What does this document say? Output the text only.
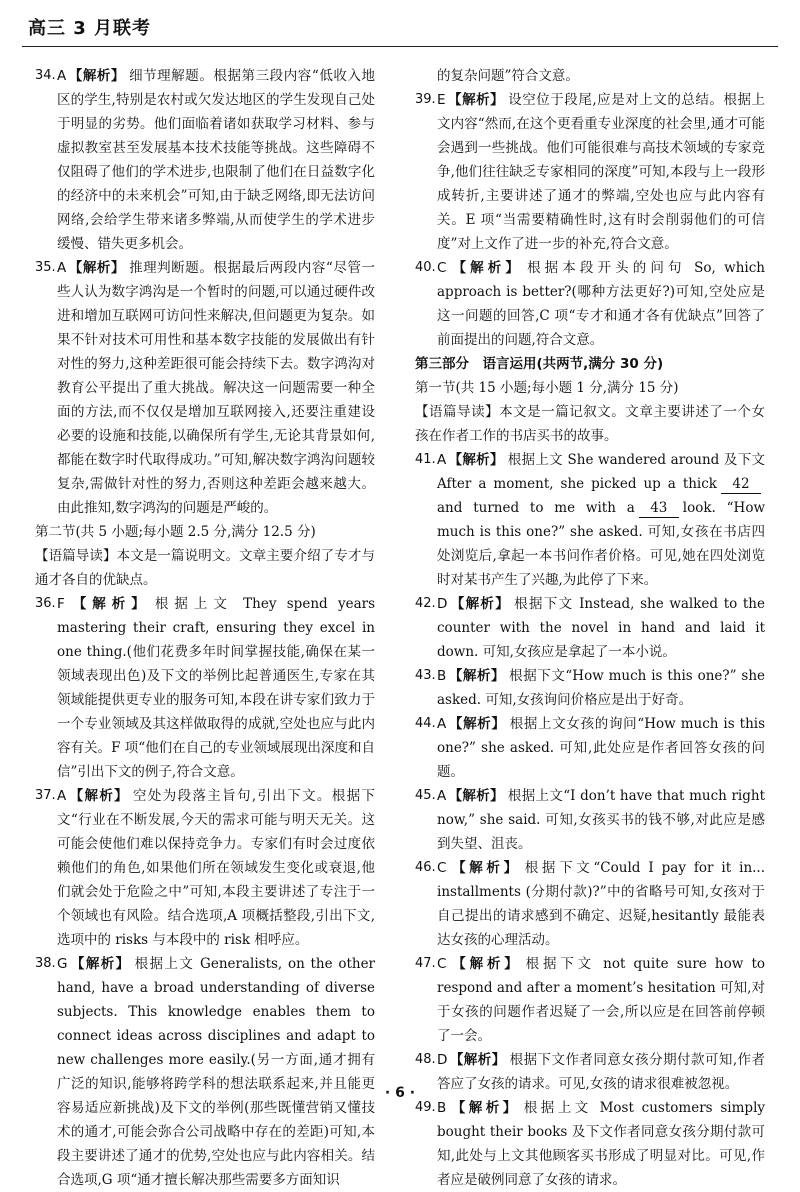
高三 3 月联考
34. A 【解析】 细节理解题。根据第三段内容“低收入地区的学生,特别是农村或欠发达地区的学生发现自己处于明显的劣势。他们面临着诸如获取学习材料、参与虚拟教室甚至发展基本技术技能等挑战。这些障碍不仅阻碍了他们的学术进步,也限制了他们在日益数字化的经济中的未来机会”可知,由于缺乏网络,即无法访问网络,会给学生带来诸多弊端,从而使学生的学术进步缓慢、错失更多机会。
35. A 【解析】 推理判断题。根据最后两段内容“尽管一些人认为数字鸿沟是一个暂时的问题,可以通过硬件改进和增加互联网可访问性来解决,但问题更为复杂。如果不针对技术可用性和基本数字技能的发展做出有针对性的努力,这种差距很可能会持续下去。数字鸿沟对教育公平提出了重大挑战。解决这一问题需要一种全面的方法,而不仅仅是增加互联网接入,还要注重建设必要的设施和技能,以确保所有学生,无论其背景如何,都能在数字时代取得成功。”可知,解决数字鸿沟问题较复杂,需做针对性的努力,否则这种差距会越来越大。由此推知,数字鸿沟的问题是严峻的。
第二节(共 5 小题;每小题 2.5 分,满分 12.5 分)
【语篇导读】本文是一篇说明文。文章主要介绍了专才与通才各自的优缺点。
36. F 【解析】 根据上文 They spend years mastering their craft, ensuring they excel in one thing.(他们花费多年时间掌握技能,确保在某一领域表现出色)及下文的举例比起普通医生,专家在其领域能提供更专业的服务可知,本段在讲专家们致力于一个专业领域及其这样做取得的成就,空处也应与此内容有关。F 项“他们在自己的专业领域展现出深度和自信”引出下文的例子,符合文意。
37. A 【解析】 空处为段落主旨句,引出下文。根据下文“行业在不断发展,今天的需求可能与明天无关。这可能会使他们难以保持竞争力。专家们有时会过度依赖他们的角色,如果他们所在领域发生变化或衰退,他们就会处于危险之中”可知,本段主要讲述了专注于一个领域也有风险。结合选项,A 项概括整段,引出下文,选项中的 risks 与本段中的 risk 相呼应。
38. G 【解析】 根据上文 Generalists, on the other hand, have a broad understanding of diverse subjects. This knowledge enables them to connect ideas across disciplines and adapt to new challenges more easily.(另一方面,通才拥有广泛的知识,能够将跨学科的想法联系起来,并且能更容易适应新挑战)及下文的举例(那些既懂营销又懂技术的通才,可能会弥合公司战略中存在的差距)可知,本段主要讲述了通才的优势,空处也应与此内容相关。结合选项,G 项“通才擅长解决那些需要多方面知识
的复杂问题”符合文意。
39. E 【解析】 设空位于段尾,应是对上文的总结。根据上文内容“然而,在这个更看重专业深度的社会里,通才可能会遇到一些挑战。他们可能很难与高技术领域的专家竞争,他们往往缺乏专家相同的深度”可知,本段与上一段形成转折,主要讲述了通才的弊端,空处也应与此内容有关。E 项“当需要精确性时,这有时会削弱他们的可信度”对上文作了进一步的补充,符合文意。
40. C 【解析】 根据本段开头的问句 So, which approach is better?(哪种方法更好?)可知,空处应是这一问题的回答,C 项“专才和通才各有优缺点”回答了前面提出的问题,符合文意。
第三部分　语言运用(共两节,满分 30 分)
第一节(共 15 小题;每小题 1 分,满分 15 分)
【语篇导读】本文是一篇记叙文。文章主要讲述了一个女孩在作者工作的书店买书的故事。
41. A 【解析】 根据上文 She wandered around 及下文 After a moment, she picked up a thick 42and turned to me with a 43 look. “How much is this one?” she asked. 可知,女孩在书店四处浏览后,拿起一本书问作者价格。可见,她在四处浏览时对某书产生了兴趣,为此停了下来。
42. D 【解析】 根据下文 Instead, she walked to the counter with the novel in hand and laid it down. 可知,女孩应是拿起了一本小说。
43. B 【解析】 根据下文“How much is this one?” she asked. 可知,女孩询问价格应是出于好奇。
44. A 【解析】 根据上文女孩的询问“How much is this one?” she asked. 可知,此处应是作者回答女孩的问题。
45. A 【解析】 根据上文“I don’t have that much right now,” she said. 可知,女孩买书的钱不够,对此应是感到失望、沮丧。
46. C 【解析】 根据下文“Could I pay for it in... installments (分期付款)?”中的省略号可知,女孩对于自己提出的请求感到不确定、迟疑,hesitantly 最能表达女孩的心理活动。
47. C 【解析】 根据下文 not quite sure how to respond and after a moment’s hesitation 可知,对于女孩的问题作者迟疑了一会,所以应是在回答前停顿了一会。
48. D 【解析】 根据下文作者同意女孩分期付款可知,作者答应了女孩的请求。可见,女孩的请求很难被忽视。
49. B 【解析】 根据上文 Most customers simply bought their books 及下文作者同意女孩分期付款可知,此处与上文其他顾客买书形成了明显对比。可见,作者应是破例同意了女孩的请求。
· 6 ·
